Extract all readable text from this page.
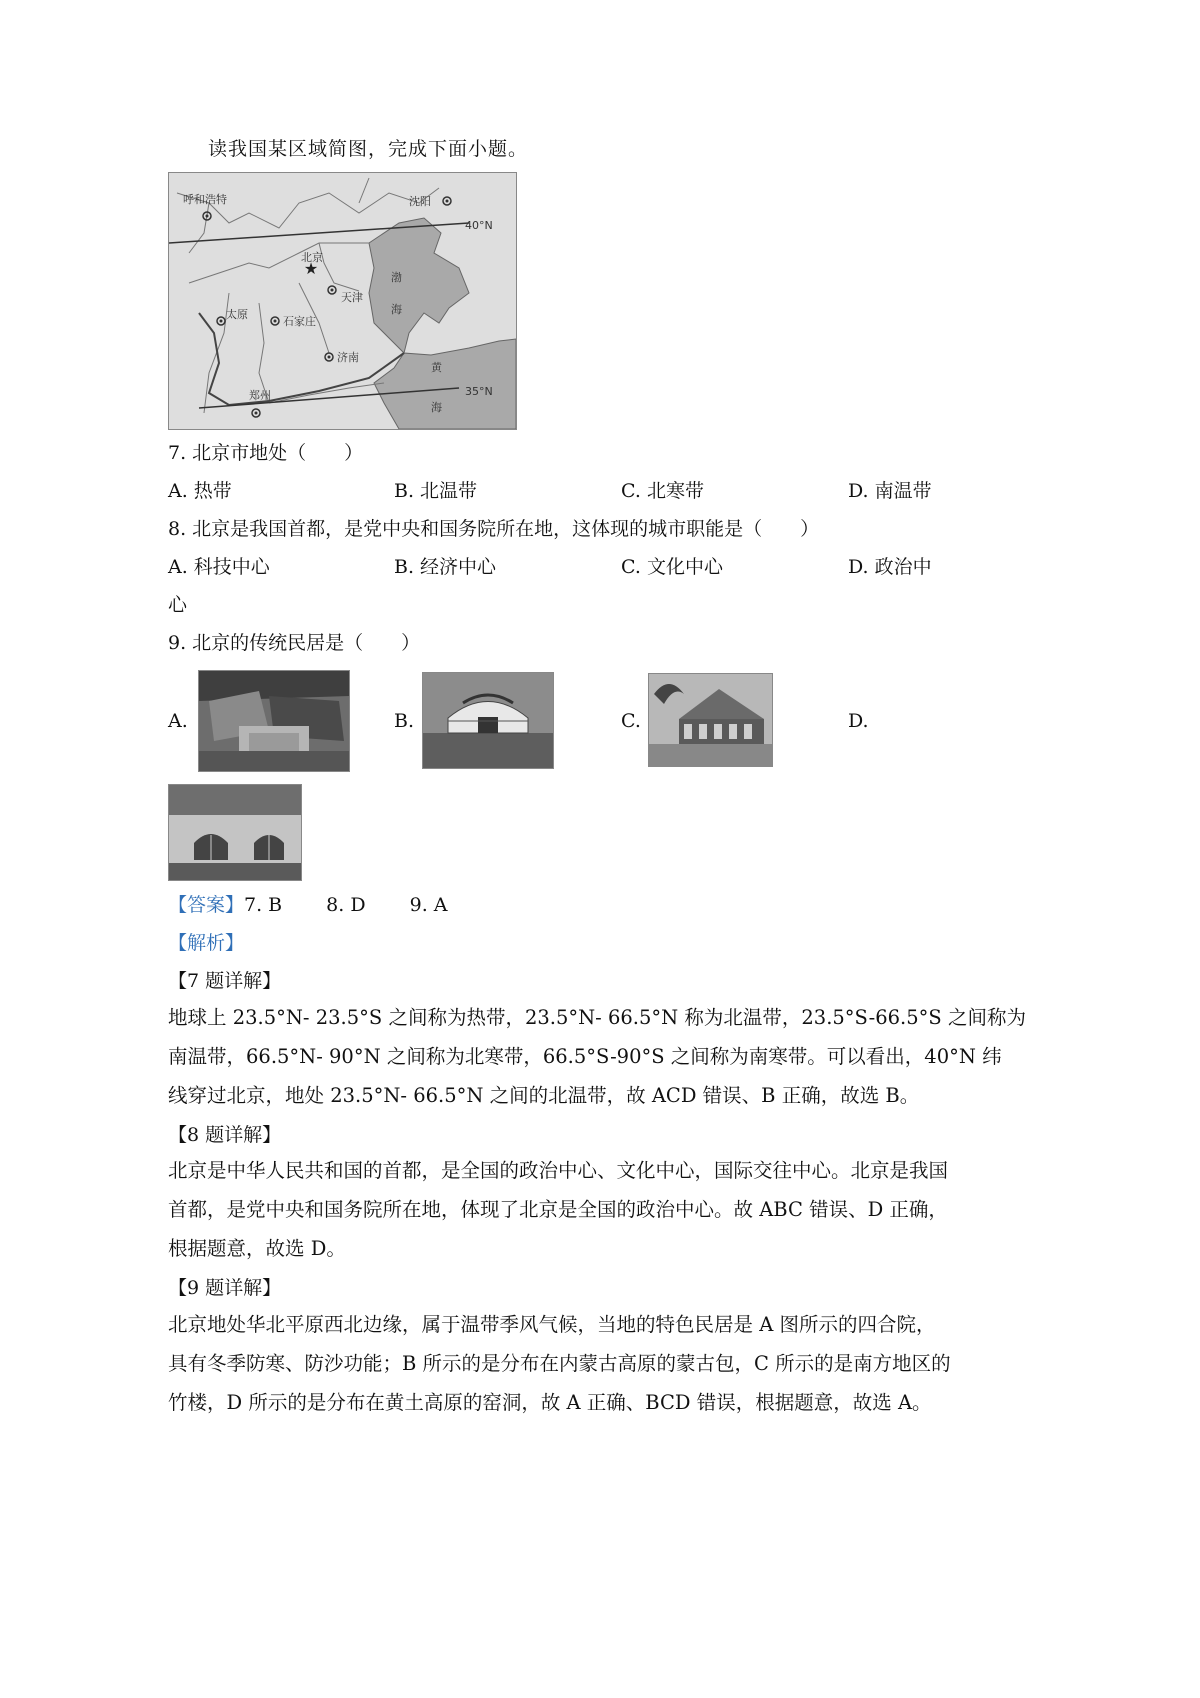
读我国某区域简图，完成下面小题。
★
沈阳
呼和浩特
北京
天津
渤
海
太原
石家庄
济南
郑州
黄
海
40°N
35°N
7. 北京市地处（　　）
A. 热带	B. 北温带	C. 北寒带	D. 南温带
8. 北京是我国首都，是党中央和国务院所在地，这体现的城市职能是（　　）
A. 科技中心	B. 经济中心	C. 文化中心	D. 政治中
心
9. 北京的传统民居是（　　）
A.	B.	C.	D.
【答案】7. B　　 8. D　　 9. A
【解析】
【7 题详解】
地球上 23.5°N- 23.5°S 之间称为热带，23.5°N- 66.5°N 称为北温带，23.5°S-66.5°S 之间称为
南温带，66.5°N- 90°N 之间称为北寒带，66.5°S-90°S 之间称为南寒带。可以看出，40°N 纬
线穿过北京，地处 23.5°N- 66.5°N 之间的北温带，故 ACD 错误、B 正确，故选 B。
【8 题详解】
北京是中华人民共和国的首都，是全国的政治中心、文化中心，国际交往中心。北京是我国
首都，是党中央和国务院所在地，体现了北京是全国的政治中心。故 ABC 错误、D 正确，
根据题意，故选 D。
【9 题详解】
北京地处华北平原西北边缘，属于温带季风气候，当地的特色民居是 A 图所示的四合院，
具有冬季防寒、防沙功能；B 所示的是分布在内蒙古高原的蒙古包，C 所示的是南方地区的
竹楼，D 所示的是分布在黄土高原的窑洞，故 A 正确、BCD 错误，根据题意，故选 A。
